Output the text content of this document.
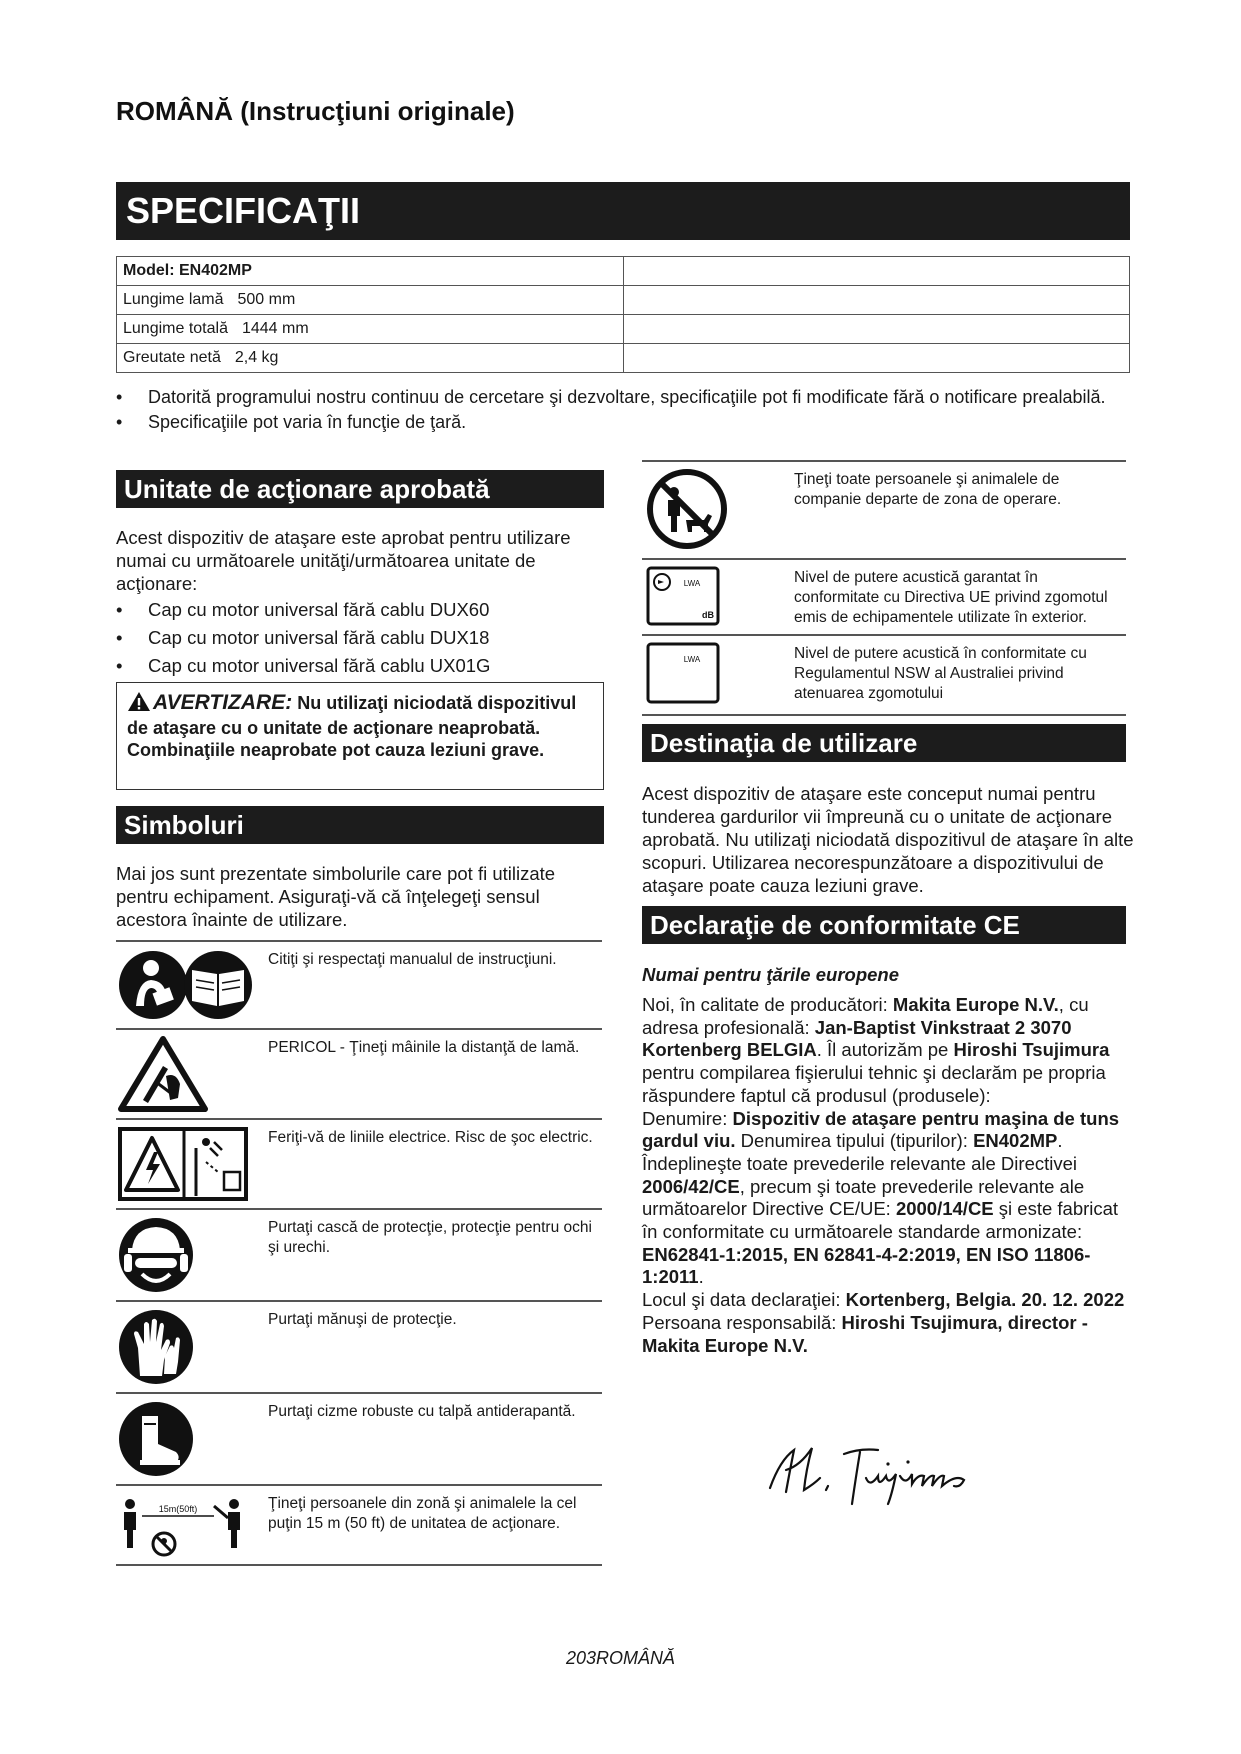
ROMÂNĂ (Instrucţiuni originale)
SPECIFICAŢII
Model: EN402MP	
Lungime lamă 500 mm	
Lungime totală 1444 mm	
Greutate netă 2,4 kg	
• Datorită programului nostru continuu de cercetare şi dezvoltare, specificaţiile pot fi modificate fără o notificare prealabilă.
• Specificaţiile pot varia în funcţie de ţară.
Unitate de acţionare aprobată

Acest dispozitiv de ataşare este aprobat pentru utilizare numai cu următoarele unităţi/următoarea unitate de acţionare:

• Cap cu motor universal fără cablu DUX60
• Cap cu motor universal fără cablu DUX18
• Cap cu motor universal fără cablu UX01G
AVERTIZARE: Nu utilizaţi niciodată dispozitivul de ataşare cu o unitate de acţionare neaprobată. Combinaţiile neaprobate pot cauza leziuni grave.
Simboluri

Mai jos sunt prezentate simbolurile care pot fi utilizate pentru echipament. Asiguraţi-vă că înţelegeţi sensul acestora înainte de utilizare.

Citiţi şi respectaţi manualul de instrucţiuni.
PERICOL - Ţineţi mâinile la distanţă de lamă.
Feriţi-vă de liniile electrice. Risc de şoc electric.
Purtaţi cască de protecţie, protecţie pentru ochi şi urechi.
Purtaţi mănuşi de protecţie.
Purtaţi cizme robuste cu talpă antiderapantă.
15m(50ft)	Ţineţi persoanele din zonă şi animalele la cel puţin 15 m (50 ft) de unitatea de acţionare.
Ţineţi toate persoanele şi animalele de companie departe de zona de operare.
LWA
dB
Nivel de putere acustică garantat în conformitate cu Directiva UE privind zgomotul emis de echipamentele utilizate în exterior.
LWA	Nivel de putere acustică în conformitate cu Regulamentul NSW al Australiei privind atenuarea zgomotului
Destinaţia de utilizare

Acest dispozitiv de ataşare este conceput numai pentru tunderea gardurilor vii împreună cu o unitate de acţionare aprobată. Nu utilizaţi niciodată dispozitivul de ataşare în alte scopuri. Utilizarea necorespunzătoare a dispozitivului de ataşare poate cauza leziuni grave.

Declaraţie de conformitate CE
Numai pentru ţările europene

Noi, în calitate de producători: Makita Europe N.V., cu adresa profesională: Jan-Baptist Vinkstraat 2 3070 Kortenberg BELGIA. Îl autorizăm pe Hiroshi Tsujimura pentru compilarea fişierului tehnic şi declarăm pe propria răspundere faptul că produsul (produsele):
Denumire: Dispozitiv de ataşare pentru maşina de tuns gardul viu. Denumirea tipului (tipurilor): EN402MP.
Îndeplineşte toate prevederile relevante ale Directivei 2006/42/CE, precum şi toate prevederile relevante ale următoarelor Directive CE/UE: 2000/14/CE şi este fabricat în conformitate cu următoarele standarde armonizate: EN62841-1:2015, EN 62841-4-2:2019, EN ISO 11806-1:2011.
Locul şi data declaraţiei: Kortenberg, Belgia. 20. 12. 2022
Persoana responsabilă: Hiroshi Tsujimura, director - Makita Europe N.V.

203ROMÂNĂ
